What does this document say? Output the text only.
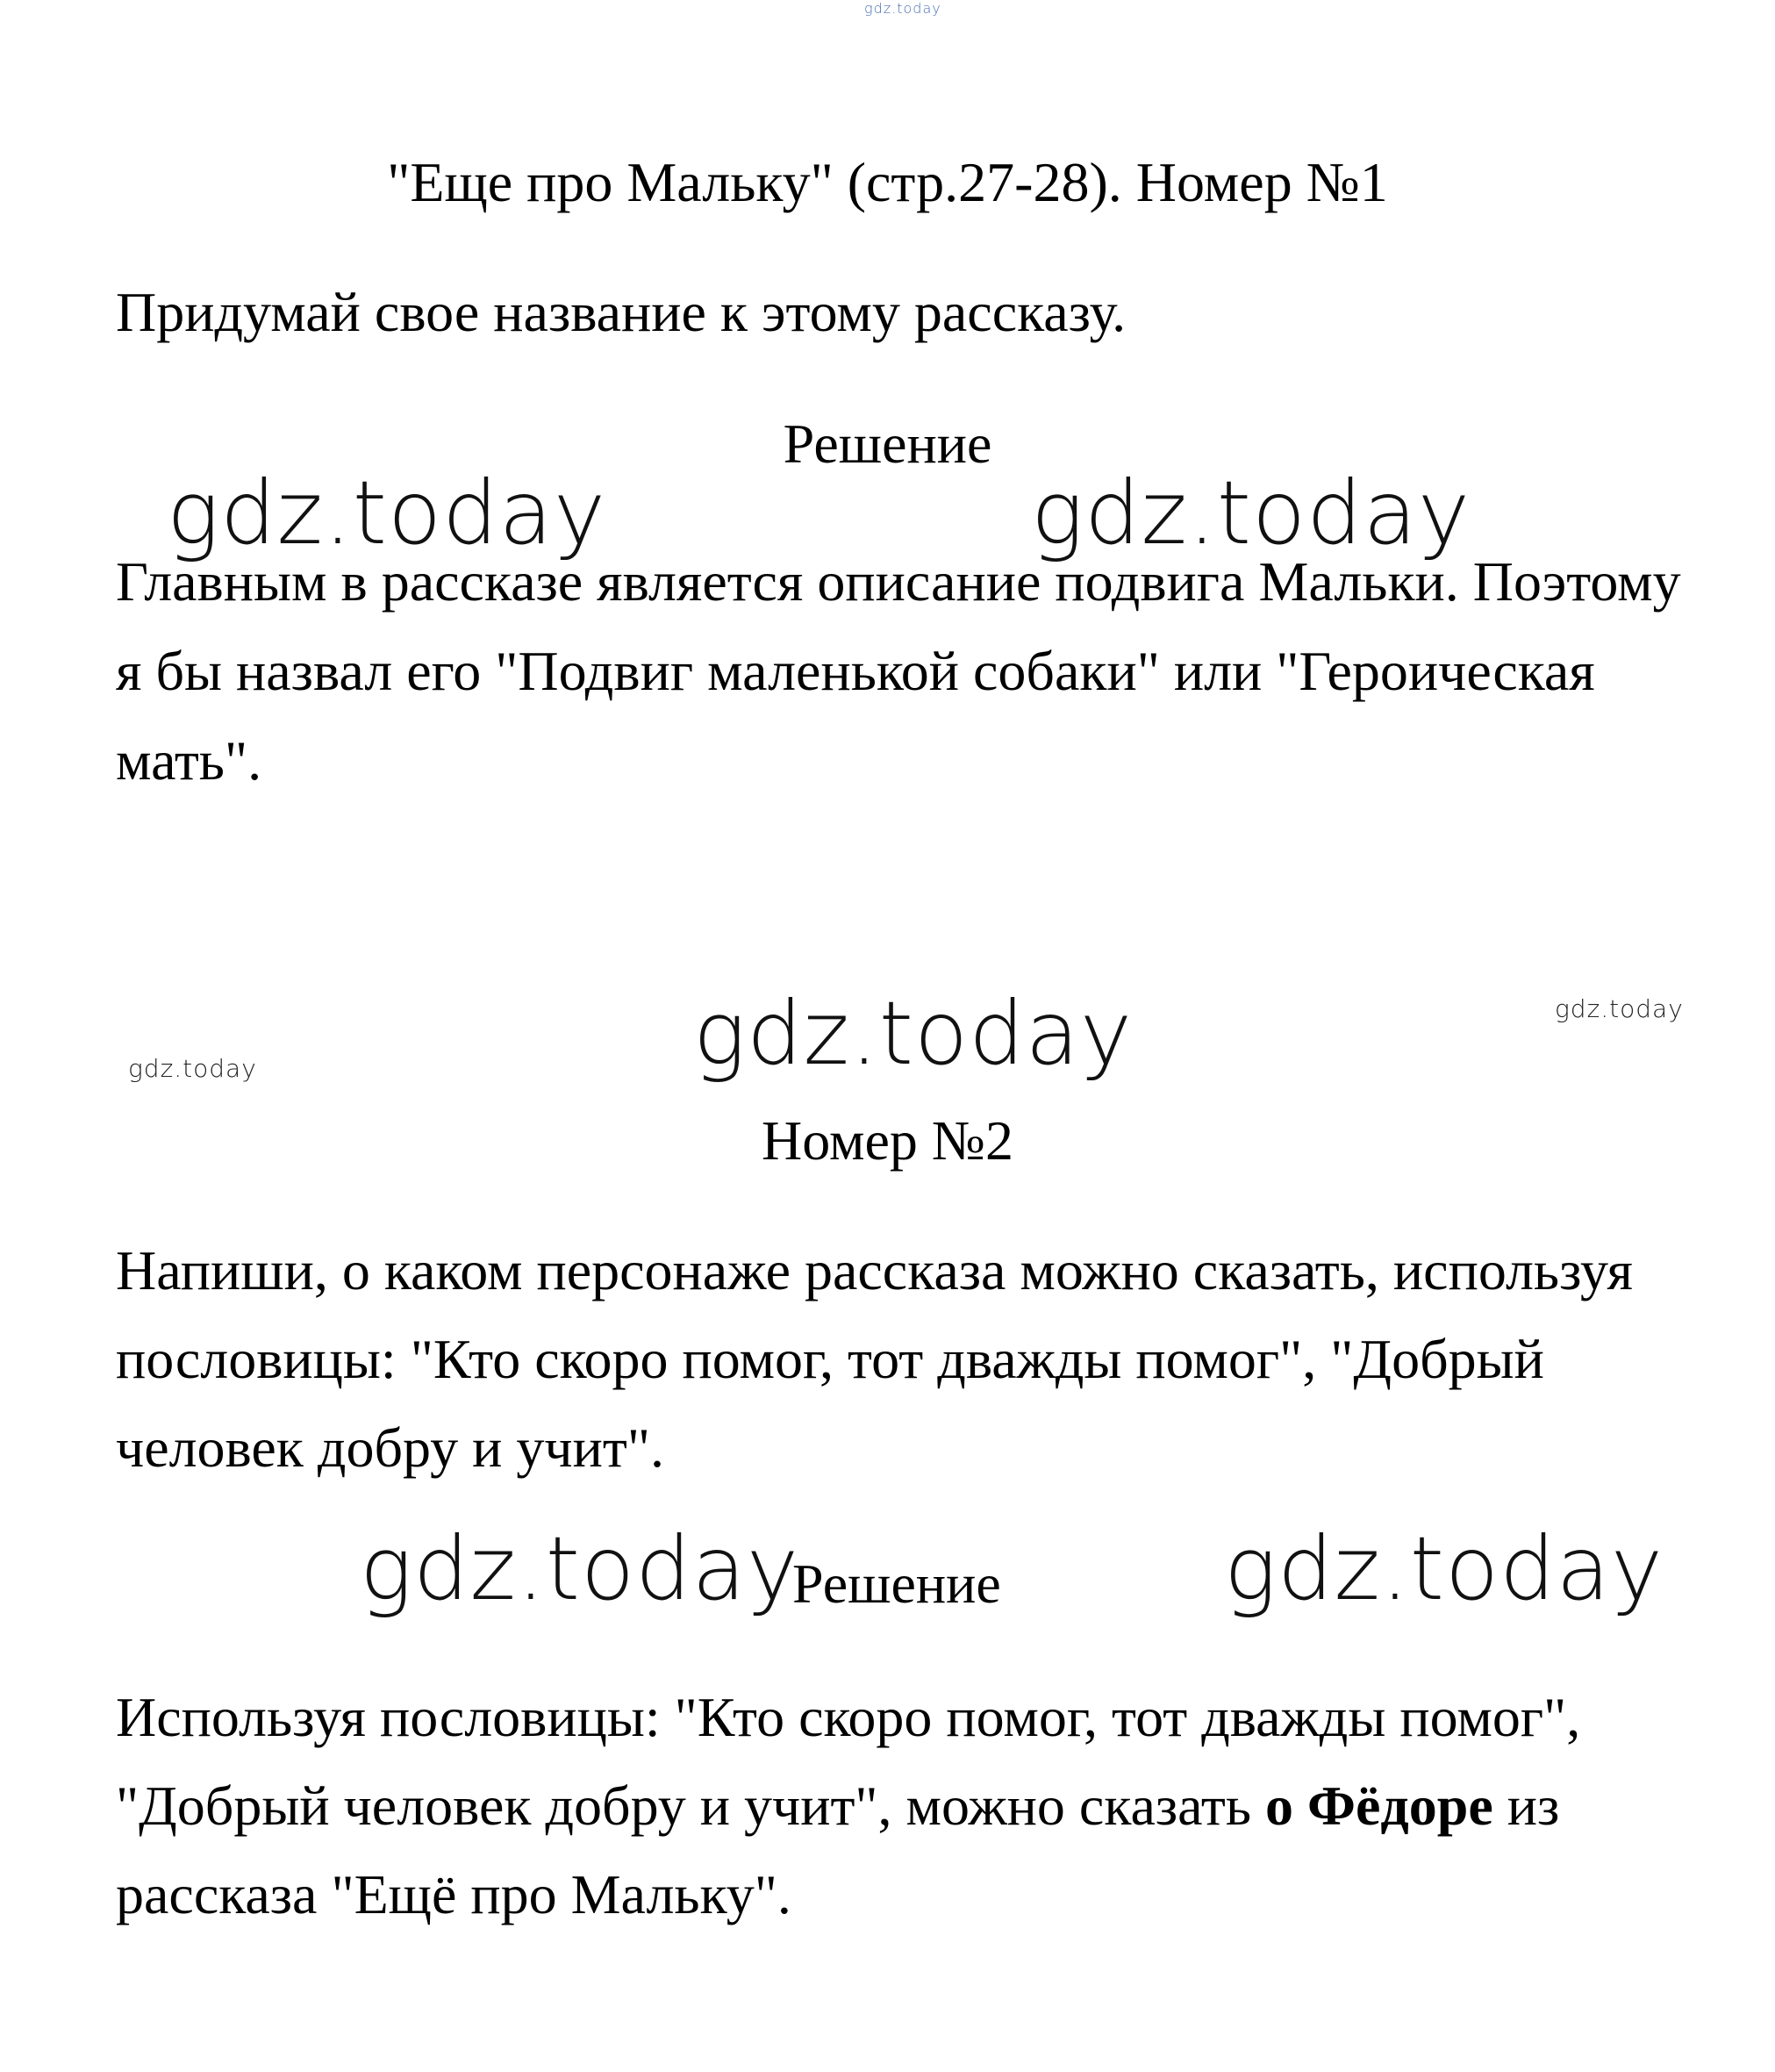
gdz.today
"Еще про Мальку" (стр.27-28). Номер №1
Придумай свое название к этому рассказу.
Решение
gdz.today	gdz.today
Главным в рассказе является описание подвига Мальки. Поэтому я бы назвал его "Подвиг маленькой собаки" или "Героическая мать".
gdz.today	gdz.today
gdz.today
Номер №2
Напиши, о каком персонаже рассказа можно сказать, используя пословицы: "Кто скоро помог, тот дважды помог", "Добрый человек добру и учит".
gdz.today
Решение	gdz.today
Используя пословицы: "Кто скоро помог, тот дважды помог", "Добрый человек добру и учит", можно сказать о Фёдоре из рассказа "Ещё про Мальку".
